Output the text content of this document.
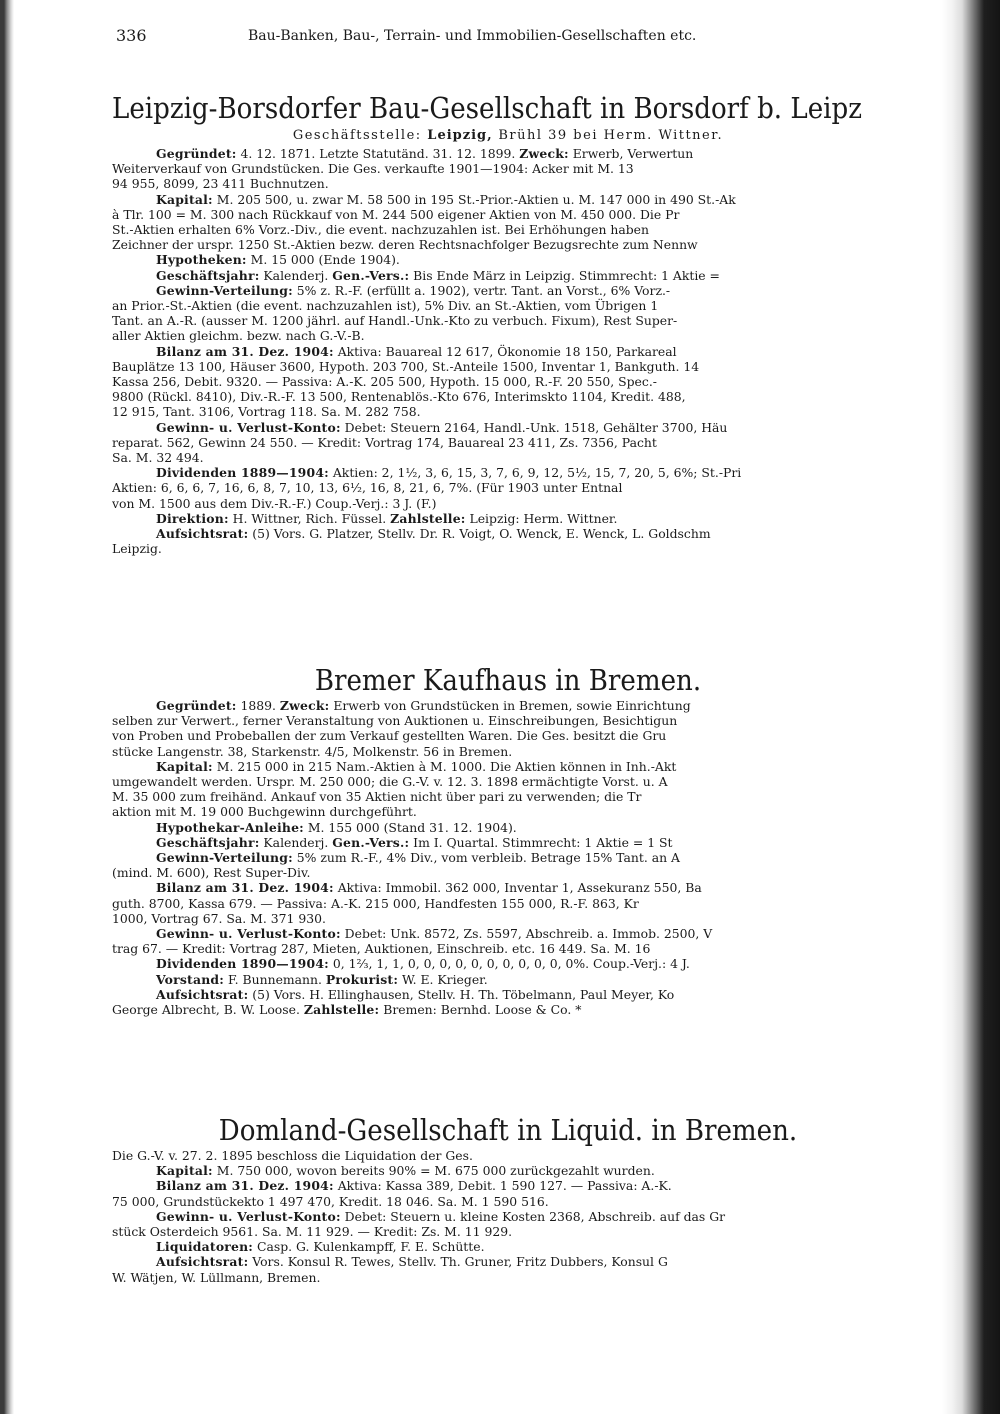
336	Bau-Banken, Bau-, Terrain- und Immobilien-Gesellschaften etc.
Leipzig-Borsdorfer Bau-Gesellschaft in Borsdorf b. Leipz
Geschäftsstelle: Leipzig, Brühl 39 bei Herm. Wittner.
Gegründet: 4. 12. 1871. Letzte Statutänd. 31. 12. 1899. Zweck: Erwerb, Verwertun
Weiterverkauf von Grundstücken. Die Ges. verkaufte 1901—1904: Acker mit M. 13
94 955, 8099, 23 411 Buchnutzen.
Kapital: M. 205 500, u. zwar M. 58 500 in 195 St.-Prior.-Aktien u. M. 147 000 in 490 St.-Ak
à Tlr. 100 = M. 300 nach Rückkauf von M. 244 500 eigener Aktien von M. 450 000. Die Pr
St.-Aktien erhalten 6% Vorz.-Div., die event. nachzuzahlen ist. Bei Erhöhungen haben
Zeichner der urspr. 1250 St.-Aktien bezw. deren Rechtsnachfolger Bezugsrechte zum Nennw
Hypotheken: M. 15 000 (Ende 1904).
Geschäftsjahr: Kalenderj. Gen.-Vers.: Bis Ende März in Leipzig. Stimmrecht: 1 Aktie =
Gewinn-Verteilung: 5% z. R.-F. (erfüllt a. 1902), vertr. Tant. an Vorst., 6% Vorz.-
an Prior.-St.-Aktien (die event. nachzuzahlen ist), 5% Div. an St.-Aktien, vom Übrigen 1
Tant. an A.-R. (ausser M. 1200 jährl. auf Handl.-Unk.-Kto zu verbuch. Fixum), Rest Super-
aller Aktien gleichm. bezw. nach G.-V.-B.
Bilanz am 31. Dez. 1904: Aktiva: Bauareal 12 617, Ökonomie 18 150, Parkareal
Bauplätze 13 100, Häuser 3600, Hypoth. 203 700, St.-Anteile 1500, Inventar 1, Bankguth. 14
Kassa 256, Debit. 9320. — Passiva: A.-K. 205 500, Hypoth. 15 000, R.-F. 20 550, Spec.-
9800 (Rückl. 8410), Div.-R.-F. 13 500, Rentenablös.-Kto 676, Interimskto 1104, Kredit. 488,
12 915, Tant. 3106, Vortrag 118. Sa. M. 282 758.
Gewinn- u. Verlust-Konto: Debet: Steuern 2164, Handl.-Unk. 1518, Gehälter 3700, Häu
reparat. 562, Gewinn 24 550. — Kredit: Vortrag 174, Bauareal 23 411, Zs. 7356, Pacht
Sa. M. 32 494.
Dividenden 1889—1904: Aktien: 2, 1½, 3, 6, 15, 3, 7, 6, 9, 12, 5½, 15, 7, 20, 5, 6%; St.-Pri
Aktien: 6, 6, 6, 7, 16, 6, 8, 7, 10, 13, 6½, 16, 8, 21, 6, 7%. (Für 1903 unter Entnal
von M. 1500 aus dem Div.-R.-F.) Coup.-Verj.: 3 J. (F.)
Direktion: H. Wittner, Rich. Füssel. Zahlstelle: Leipzig: Herm. Wittner.
Aufsichtsrat: (5) Vors. G. Platzer, Stellv. Dr. R. Voigt, O. Wenck, E. Wenck, L. Goldschm
Leipzig.
Bremer Kaufhaus in Bremen.
Gegründet: 1889. Zweck: Erwerb von Grundstücken in Bremen, sowie Einrichtung
selben zur Verwert., ferner Veranstaltung von Auktionen u. Einschreibungen, Besichtigun
von Proben und Probeballen der zum Verkauf gestellten Waren. Die Ges. besitzt die Gru
stücke Langenstr. 38, Starkenstr. 4/5, Molkenstr. 56 in Bremen.
Kapital: M. 215 000 in 215 Nam.-Aktien à M. 1000. Die Aktien können in Inh.-Akt
umgewandelt werden. Urspr. M. 250 000; die G.-V. v. 12. 3. 1898 ermächtigte Vorst. u. A
M. 35 000 zum freihänd. Ankauf von 35 Aktien nicht über pari zu verwenden; die Tr
aktion mit M. 19 000 Buchgewinn durchgeführt.
Hypothekar-Anleihe: M. 155 000 (Stand 31. 12. 1904).
Geschäftsjahr: Kalenderj. Gen.-Vers.: Im I. Quartal. Stimmrecht: 1 Aktie = 1 St
Gewinn-Verteilung: 5% zum R.-F., 4% Div., vom verbleib. Betrage 15% Tant. an A
(mind. M. 600), Rest Super-Div.
Bilanz am 31. Dez. 1904: Aktiva: Immobil. 362 000, Inventar 1, Assekuranz 550, Ba
guth. 8700, Kassa 679. — Passiva: A.-K. 215 000, Handfesten 155 000, R.-F. 863, Kr
1000, Vortrag 67. Sa. M. 371 930.
Gewinn- u. Verlust-Konto: Debet: Unk. 8572, Zs. 5597, Abschreib. a. Immob. 2500, V
trag 67. — Kredit: Vortrag 287, Mieten, Auktionen, Einschreib. etc. 16 449. Sa. M. 16
Dividenden 1890—1904: 0, 1⅔, 1, 1, 0, 0, 0, 0, 0, 0, 0, 0, 0, 0, 0%. Coup.-Verj.: 4 J.
Vorstand: F. Bunnemann. Prokurist: W. E. Krieger.
Aufsichtsrat: (5) Vors. H. Ellinghausen, Stellv. H. Th. Töbelmann, Paul Meyer, Ko
George Albrecht, B. W. Loose. Zahlstelle: Bremen: Bernhd. Loose & Co. *
Domland-Gesellschaft in Liquid. in Bremen.
Die G.-V. v. 27. 2. 1895 beschloss die Liquidation der Ges.
Kapital: M. 750 000, wovon bereits 90% = M. 675 000 zurückgezahlt wurden.
Bilanz am 31. Dez. 1904: Aktiva: Kassa 389, Debit. 1 590 127. — Passiva: A.-K.
75 000, Grundstückekto 1 497 470, Kredit. 18 046. Sa. M. 1 590 516.
Gewinn- u. Verlust-Konto: Debet: Steuern u. kleine Kosten 2368, Abschreib. auf das Gr
stück Osterdeich 9561. Sa. M. 11 929. — Kredit: Zs. M. 11 929.
Liquidatoren: Casp. G. Kulenkampff, F. E. Schütte.
Aufsichtsrat: Vors. Konsul R. Tewes, Stellv. Th. Gruner, Fritz Dubbers, Konsul G
W. Wätjen, W. Lüllmann, Bremen.
